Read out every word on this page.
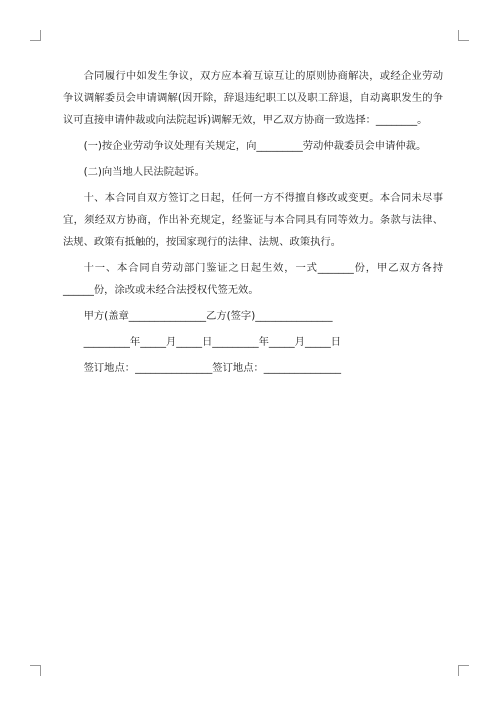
合同履行中如发生争议，双方应本着互谅互让的原则协商解决，或经企业劳动争议调解委员会申请调解(因开除，辞退违纪职工以及职工辞退，自动离职发生的争议可直接申请仲裁或向法院起诉)调解无效，甲乙双方协商一致选择：________。

(一)按企业劳动争议处理有关规定，向_________劳动仲裁委员会申请仲裁。

(二)向当地人民法院起诉。

十、本合同自双方签订之日起，任何一方不得擅自修改或变更。本合同未尽事宜，须经双方协商，作出补充规定，经鉴证与本合同具有同等效力。条款与法律、法规、政策有抵触的，按国家现行的法律、法规、政策执行。

十一、本合同自劳动部门鉴证之日起生效，一式_______份，甲乙双方各持______份，涂改或未经合法授权代签无效。

甲方(盖章_______________乙方(签字)_______________
_________年_____月_____日_________年_____月_____日
签订地点：_______________签订地点：_______________
